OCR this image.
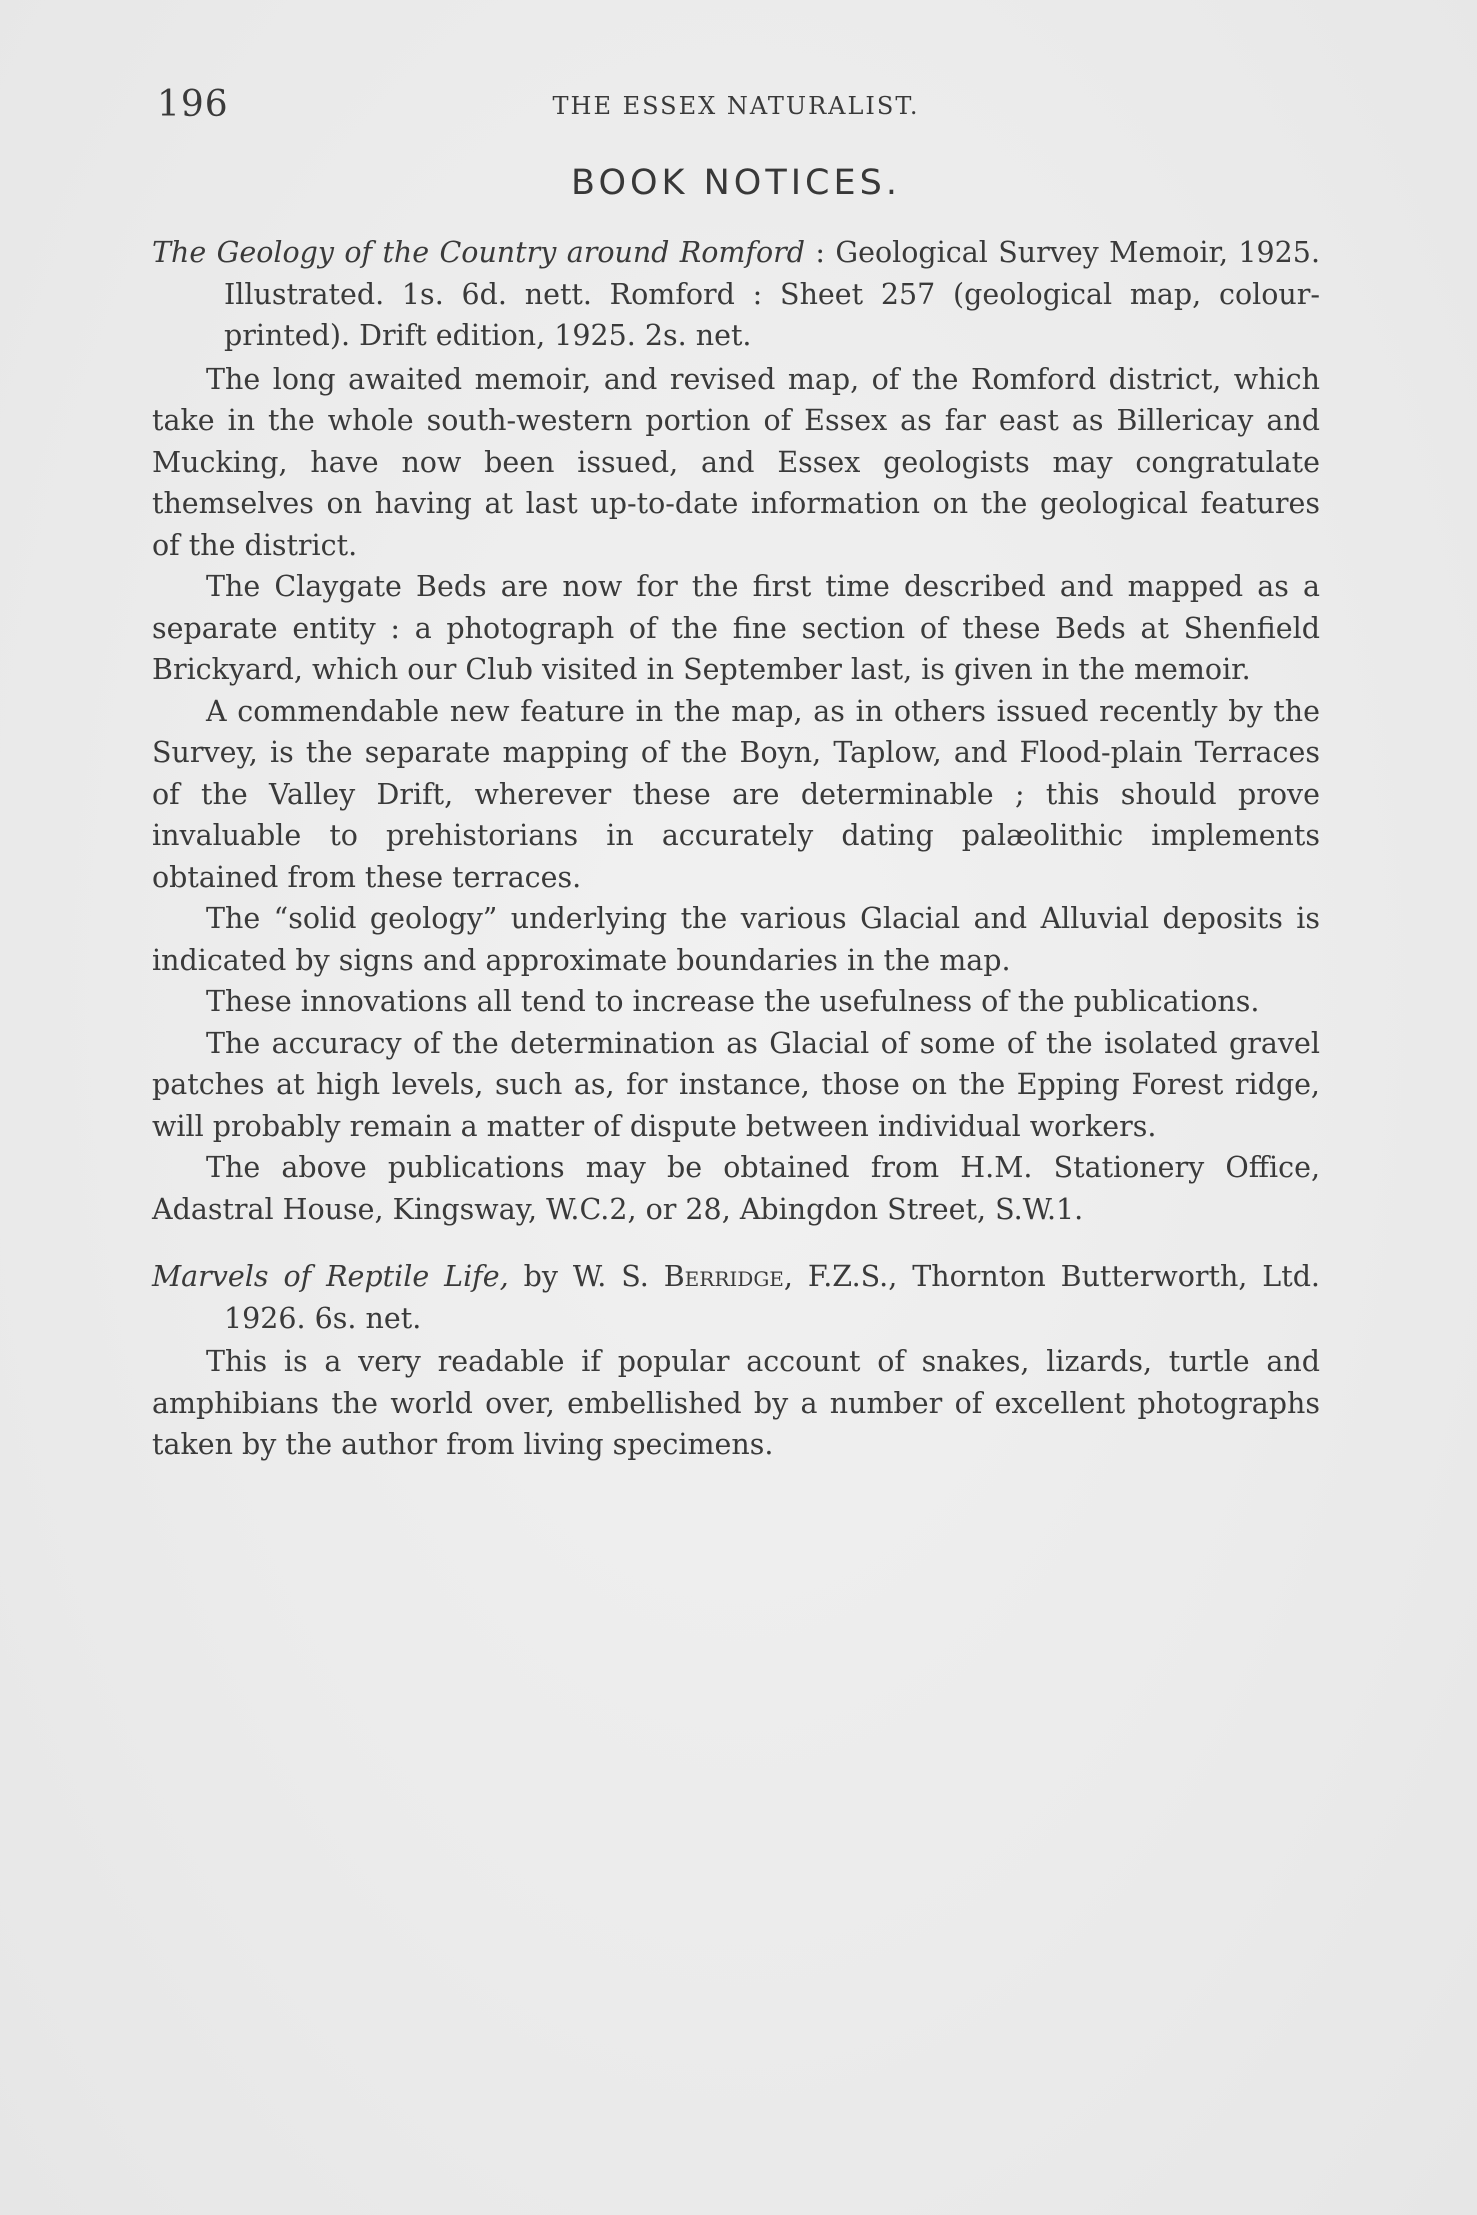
196	THE ESSEX NATURALIST.
BOOK NOTICES.

The Geology of the Country around Romford : Geological Survey Memoir, 1925. Illustrated. 1s. 6d. nett. Romford : Sheet 257 (geological map, colour-printed). Drift edition, 1925. 2s. net.

The long awaited memoir, and revised map, of the Romford district, which take in the whole south-western portion of Essex as far east as Billericay and Mucking, have now been issued, and Essex geologists may congratulate themselves on having at last up-to-date information on the geological features of the district.

The Claygate Beds are now for the first time described and mapped as a separate entity : a photograph of the fine section of these Beds at Shenfield Brickyard, which our Club visited in September last, is given in the memoir.

A commendable new feature in the map, as in others issued recently by the Survey, is the separate mapping of the Boyn, Taplow, and Flood-plain Terraces of the Valley Drift, wherever these are determinable ; this should prove invaluable to prehistorians in accurately dating palæolithic implements obtained from these terraces.

The “solid geology” underlying the various Glacial and Alluvial deposits is indicated by signs and approximate boundaries in the map.

These innovations all tend to increase the usefulness of the publications.

The accuracy of the determination as Glacial of some of the isolated gravel patches at high levels, such as, for instance, those on the Epping Forest ridge, will probably remain a matter of dispute between individual workers.

The above publications may be obtained from H.M. Stationery Office, Adastral House, Kingsway, W.C.2, or 28, Abingdon Street, S.W.1.

Marvels of Reptile Life, by W. S. Berridge, F.Z.S., Thornton Butterworth, Ltd. 1926. 6s. net.

This is a very readable if popular account of snakes, lizards, turtle and amphibians the world over, embellished by a number of excellent photographs taken by the author from living specimens.
